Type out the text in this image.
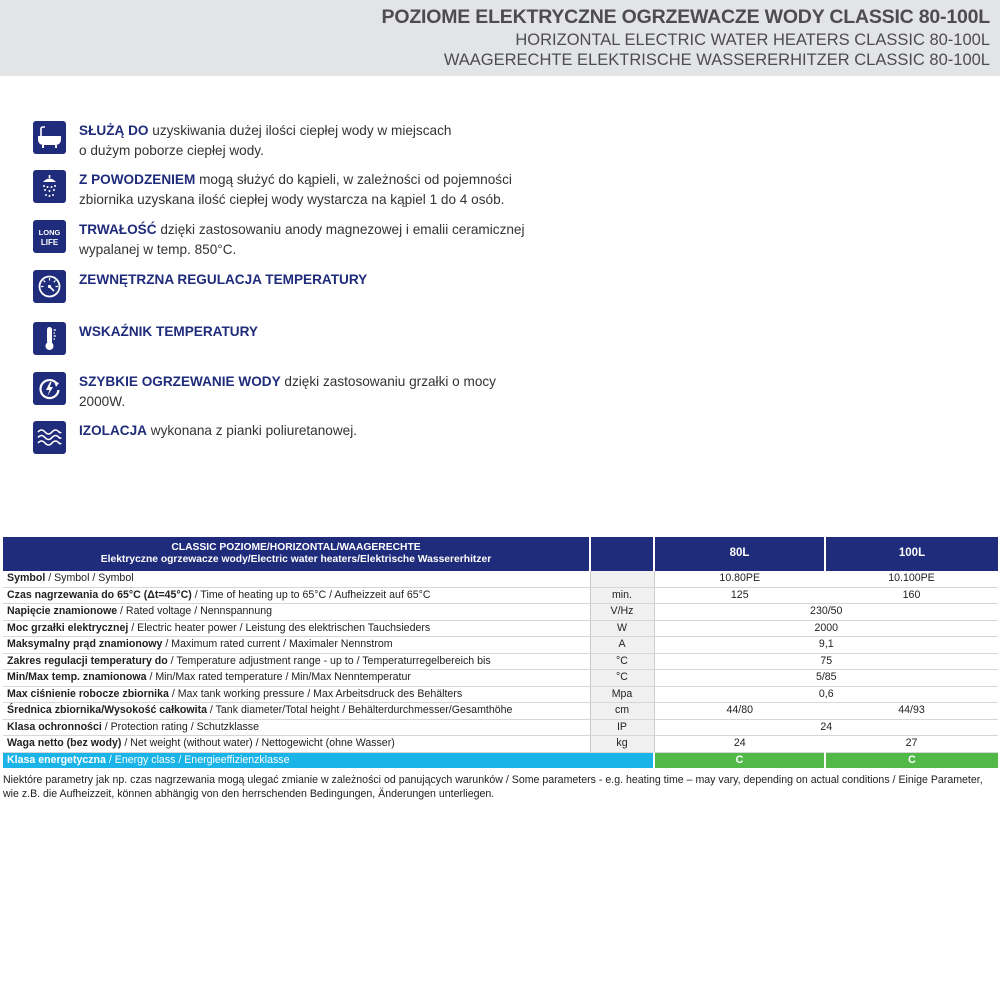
POZIOME ELEKTRYCZNE OGRZEWACZE WODY CLASSIC 80-100L
HORIZONTAL ELECTRIC WATER HEATERS CLASSIC 80-100L
WAAGERECHTE ELEKTRISCHE WASSERERHITZER CLASSIC 80-100L
SŁUŻĄ DO uzyskiwania dużej ilości ciepłej wody w miejscach
o dużym poborze ciepłej wody.
Z POWODZENIEM mogą służyć do kąpieli, w zależności od pojemności
zbiornika uzyskana ilość ciepłej wody wystarcza na kąpiel 1 do 4 osób.
LONG
LIFE
TRWAŁOŚĆ dzięki zastosowaniu anody magnezowej i emalii ceramicznej
wypalanej w temp. 850°C.
ZEWNĘTRZNA REGULACJA TEMPERATURY
WSKAŹNIK TEMPERATURY
SZYBKIE OGRZEWANIE WODY dzięki zastosowaniu grzałki o mocy
2000W.
IZOLACJA wykonana z pianki poliuretanowej.
CLASSIC POZIOME/HORIZONTAL/WAAGERECHTE
Elektryczne ogrzewacze wody/Electric water heaters/Elektrische Wassererhitzer		80L	100L
Symbol / Symbol / Symbol		10.80PE	10.100PE
Czas nagrzewania do 65°C (Δt=45°C) / Time of heating up to 65°C / Aufheizzeit auf 65°C	min.	125	160
Napięcie znamionowe / Rated voltage / Nennspannung	V/Hz	230/50	
Moc grzałki elektrycznej / Electric heater power / Leistung des elektrischen Tauchsieders	W	2000	
Maksymalny prąd znamionowy / Maximum rated current / Maximaler Nennstrom	A	9,1	
Zakres regulacji temperatury do / Temperature adjustment range - up to / Temperaturregelbereich bis	°C	75	
Min/Max temp. znamionowa / Min/Max rated temperature / Min/Max Nenntemperatur	°C	5/85	
Max ciśnienie robocze zbiornika / Max tank working pressure / Max Arbeitsdruck des Behälters	Mpa	0,6	
Średnica zbiornika/Wysokość całkowita / Tank diameter/Total height / Behälterdurchmesser/Gesamthöhe	cm	44/80	44/93
Klasa ochronności / Protection rating / Schutzklasse	IP	24	
Waga netto (bez wody) / Net weight (without water) / Nettogewicht (ohne Wasser)	kg	24	27
Klasa energetyczna / Energy class / Energieeffizienzklasse		C	C
Niektóre parametry jak np. czas nagrzewania mogą ulegać zmianie w zależności od panujących warunków / Some parameters - e.g. heating time – may vary, depending on actual conditions / Einige Parameter, wie z.B. die Aufheizzeit, können abhängig von den herrschenden Bedingungen, Änderungen unterliegen.
